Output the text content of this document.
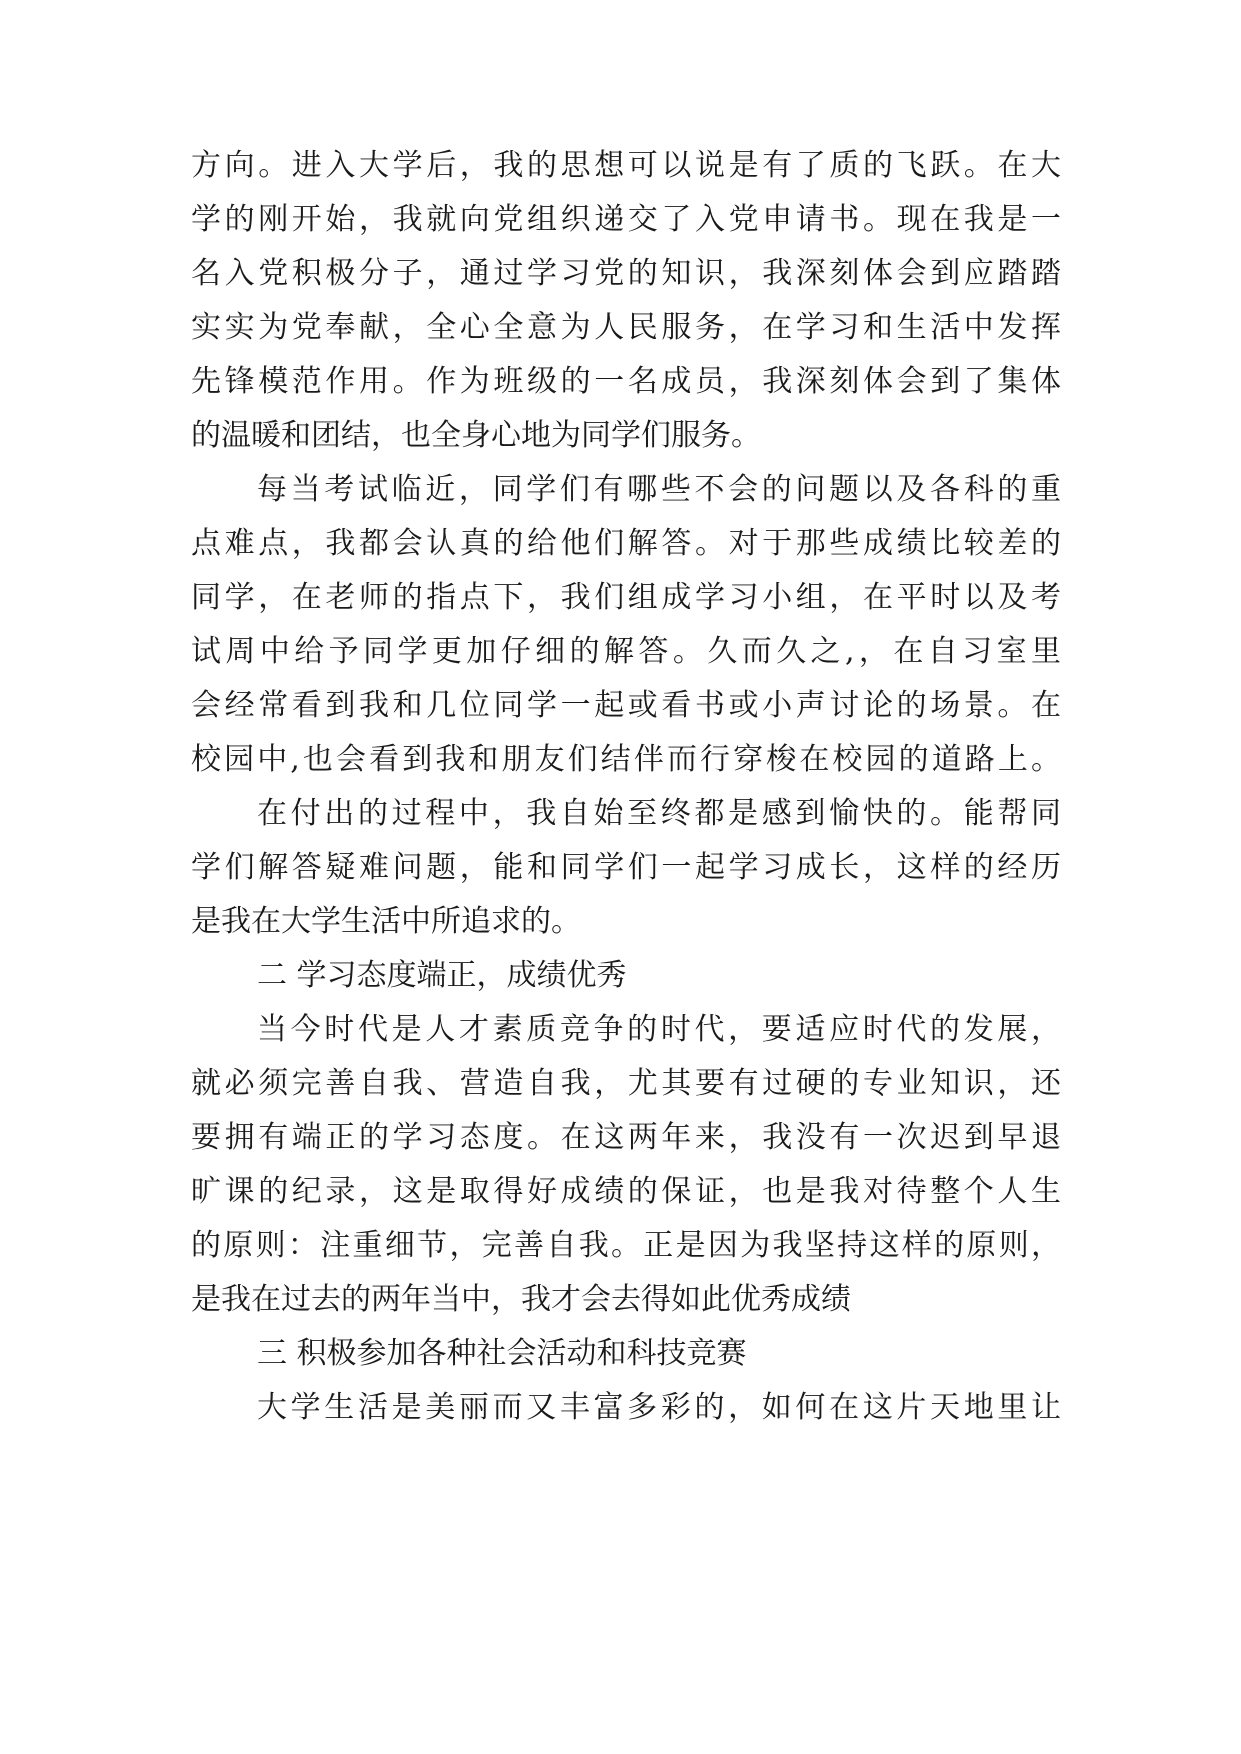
方向。进入大学后，我的思想可以说是有了质的飞跃。在大
学的刚开始，我就向党组织递交了入党申请书。现在我是一
名入党积极分子，通过学习党的知识，我深刻体会到应踏踏
实实为党奉献，全心全意为人民服务，在学习和生活中发挥
先锋模范作用。作为班级的一名成员，我深刻体会到了集体
的温暖和团结，也全身心地为同学们服务。
每当考试临近，同学们有哪些不会的问题以及各科的重
点难点，我都会认真的给他们解答。对于那些成绩比较差的
同学，在老师的指点下，我们组成学习小组，在平时以及考
试周中给予同学更加仔细的解答。久而久之,，在自习室里
会经常看到我和几位同学一起或看书或小声讨论的场景。在
校园中,也会看到我和朋友们结伴而行穿梭在校园的道路上。
在付出的过程中，我自始至终都是感到愉快的。能帮同
学们解答疑难问题，能和同学们一起学习成长，这样的经历
是我在大学生活中所追求的。
二 学习态度端正，成绩优秀
当今时代是人才素质竞争的时代，要适应时代的发展，
就必须完善自我、营造自我，尤其要有过硬的专业知识，还
要拥有端正的学习态度。在这两年来，我没有一次迟到早退
旷课的纪录，这是取得好成绩的保证，也是我对待整个人生
的原则：注重细节，完善自我。正是因为我坚持这样的原则，
是我在过去的两年当中，我才会去得如此优秀成绩
三 积极参加各种社会活动和科技竞赛
大学生活是美丽而又丰富多彩的，如何在这片天地里让
